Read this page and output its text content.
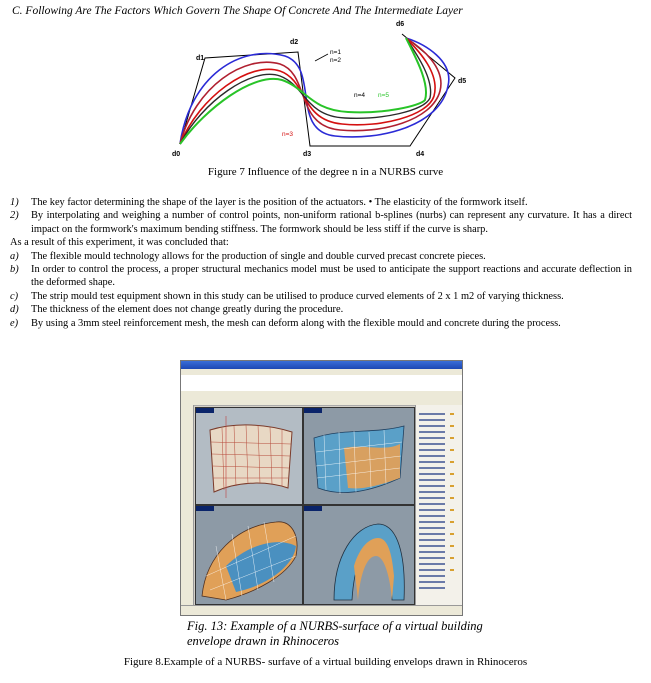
C. Following Are The Factors Which Govern The Shape Of Concrete And The Intermediate Layer
d0
d1
d2
d3	d4
d5
d6
n=1
n=2
n=3
n=4 n=5
Figure 7 Influence of the degree n in a NURBS curve
1) The key factor determining the shape of the layer is the position of the actuators. • The elasticity of the formwork itself.
2) By interpolating and weighing a number of control points, non-uniform rational b-splines (nurbs) can represent any curvature. It has a direct impact on the formwork's maximum bending stiffness. The formwork should be less stiff if the curve is sharp.

As a result of this experiment, it was concluded that:

a) The flexible mould technology allows for the production of single and double curved precast concrete pieces.
b) In order to control the process, a proper structural mechanics model must be used to anticipate the support reactions and accurate deflection in the deformed shape.
c) The strip mould test equipment shown in this study can be utilised to produce curved elements of 2 x 1 m2 of varying thickness.
d) The thickness of the element does not change greatly during the procedure.
e) By using a 3mm steel reinforcement mesh, the mesh can deform along with the flexible mould and concrete during the process.
Fig. 13: Example of a NURBS-surface of a virtual building envelope drawn in Rhinoceros
Figure 8.Example of a NURBS- surfave of a virtual building envelops drawn in Rhinoceros
